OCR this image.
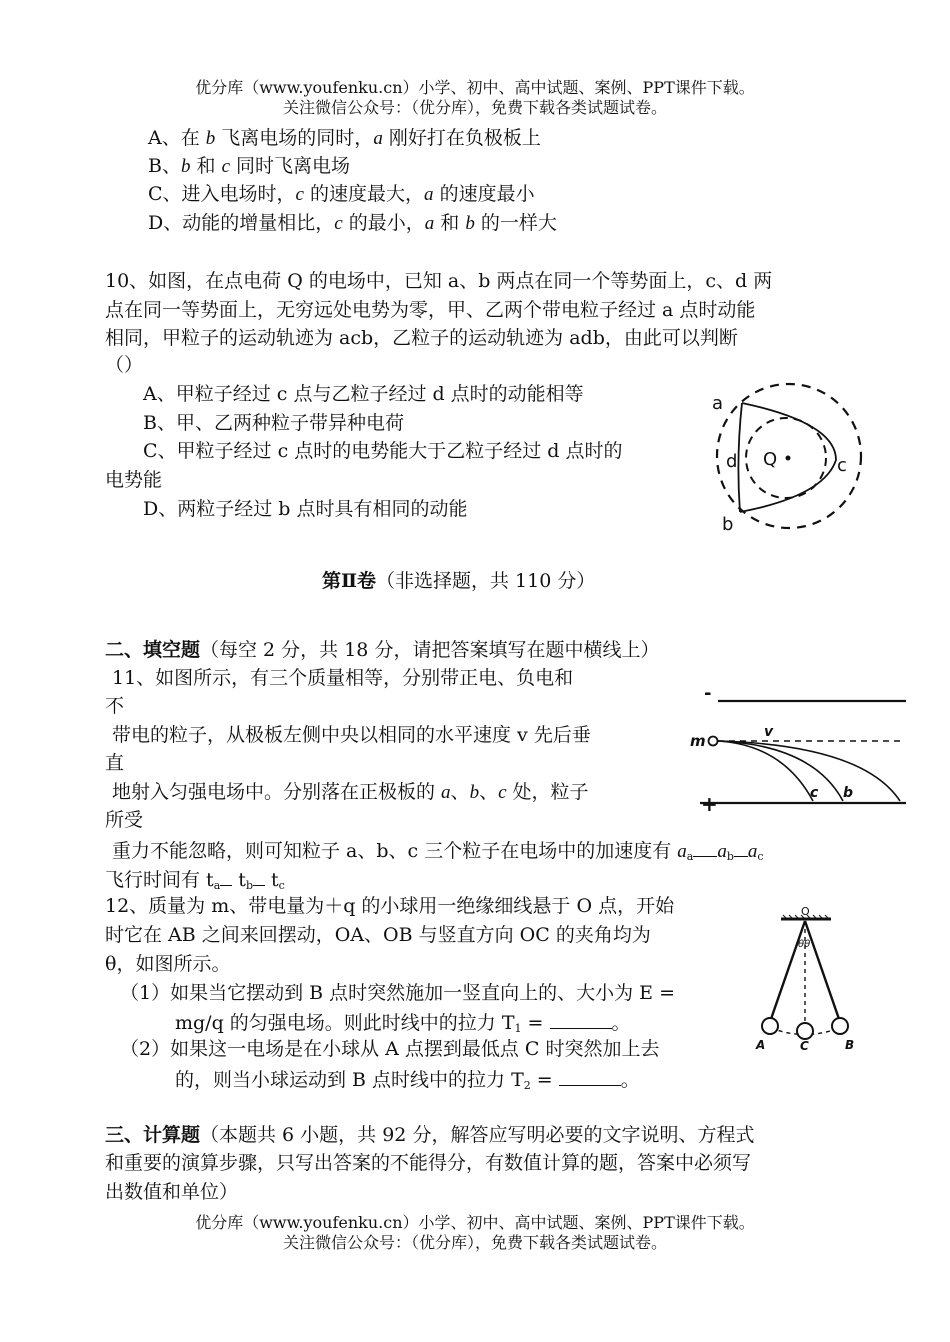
优分库（www.youfenku.cn）小学、初中、高中试题、案例、PPT课件下载。
关注微信公众号：（优分库），免费下载各类试题试卷。
A、在 b 飞离电场的同时，a 刚好打在负极板上
B、b 和 c 同时飞离电场
C、进入电场时，c 的速度最大，a 的速度最小
D、动能的增量相比，c 的最小，a 和 b 的一样大
10、如图，在点电荷 Q 的电场中，已知 a、b 两点在同一个等势面上，c、d 两
点在同一等势面上，无穷远处电势为零，甲、乙两个带电粒子经过 a 点时动能
相同，甲粒子的运动轨迹为 acb，乙粒子的运动轨迹为 adb，由此可以判断
（）
A、甲粒子经过 c 点与乙粒子经过 d 点时的动能相等
B、甲、乙两种粒子带异种电荷
C、甲粒子经过 c 点时的电势能大于乙粒子经过 d 点时的
电势能
D、两粒子经过 b 点时具有相同的动能
a
b
c
d Q
第Ⅱ卷（非选择题，共 110 分）
二、填空题（每空 2 分，共 18 分，请把答案填写在题中横线上）
11、如图所示，有三个质量相等，分别带正电、负电和
不
带电的粒子，从极板左侧中央以相同的水平速度 v 先后垂
直
地射入匀强电场中。分别落在正极板的 a、b、c 处，粒子
所受
重力不能忽略，则可知粒子 a、b、c 三个粒子在电场中的加速度有 $a_a$ $a_b$ $a_c$
飞行时间有 $t_a$ $t_b$ $t_c$
-
+
m	v
c b
12、质量为 m、带电量为＋q 的小球用一绝缘细线悬于 O 点，开始
时它在 AB 之间来回摆动，OA、OB 与竖直方向 OC 的夹角均为
θ，如图所示。
（1）如果当它摆动到 B 点时突然施加一竖直向上的、大小为 E =
mg/q 的匀强电场。则此时线中的拉力 $T_1$ =	。
（2）如果这一电场是在小球从 A 点摆到最低点 C 时突然加上去
的，则当小球运动到 B 点时线中的拉力 $T_2$ =	。
O
θθ
A	C	B
三、计算题（本题共 6 小题，共 92 分，解答应写明必要的文字说明、方程式
和重要的演算步骤，只写出答案的不能得分，有数值计算的题，答案中必须写
出数值和单位）
优分库（www.youfenku.cn）小学、初中、高中试题、案例、PPT课件下载。
关注微信公众号：（优分库），免费下载各类试题试卷。
